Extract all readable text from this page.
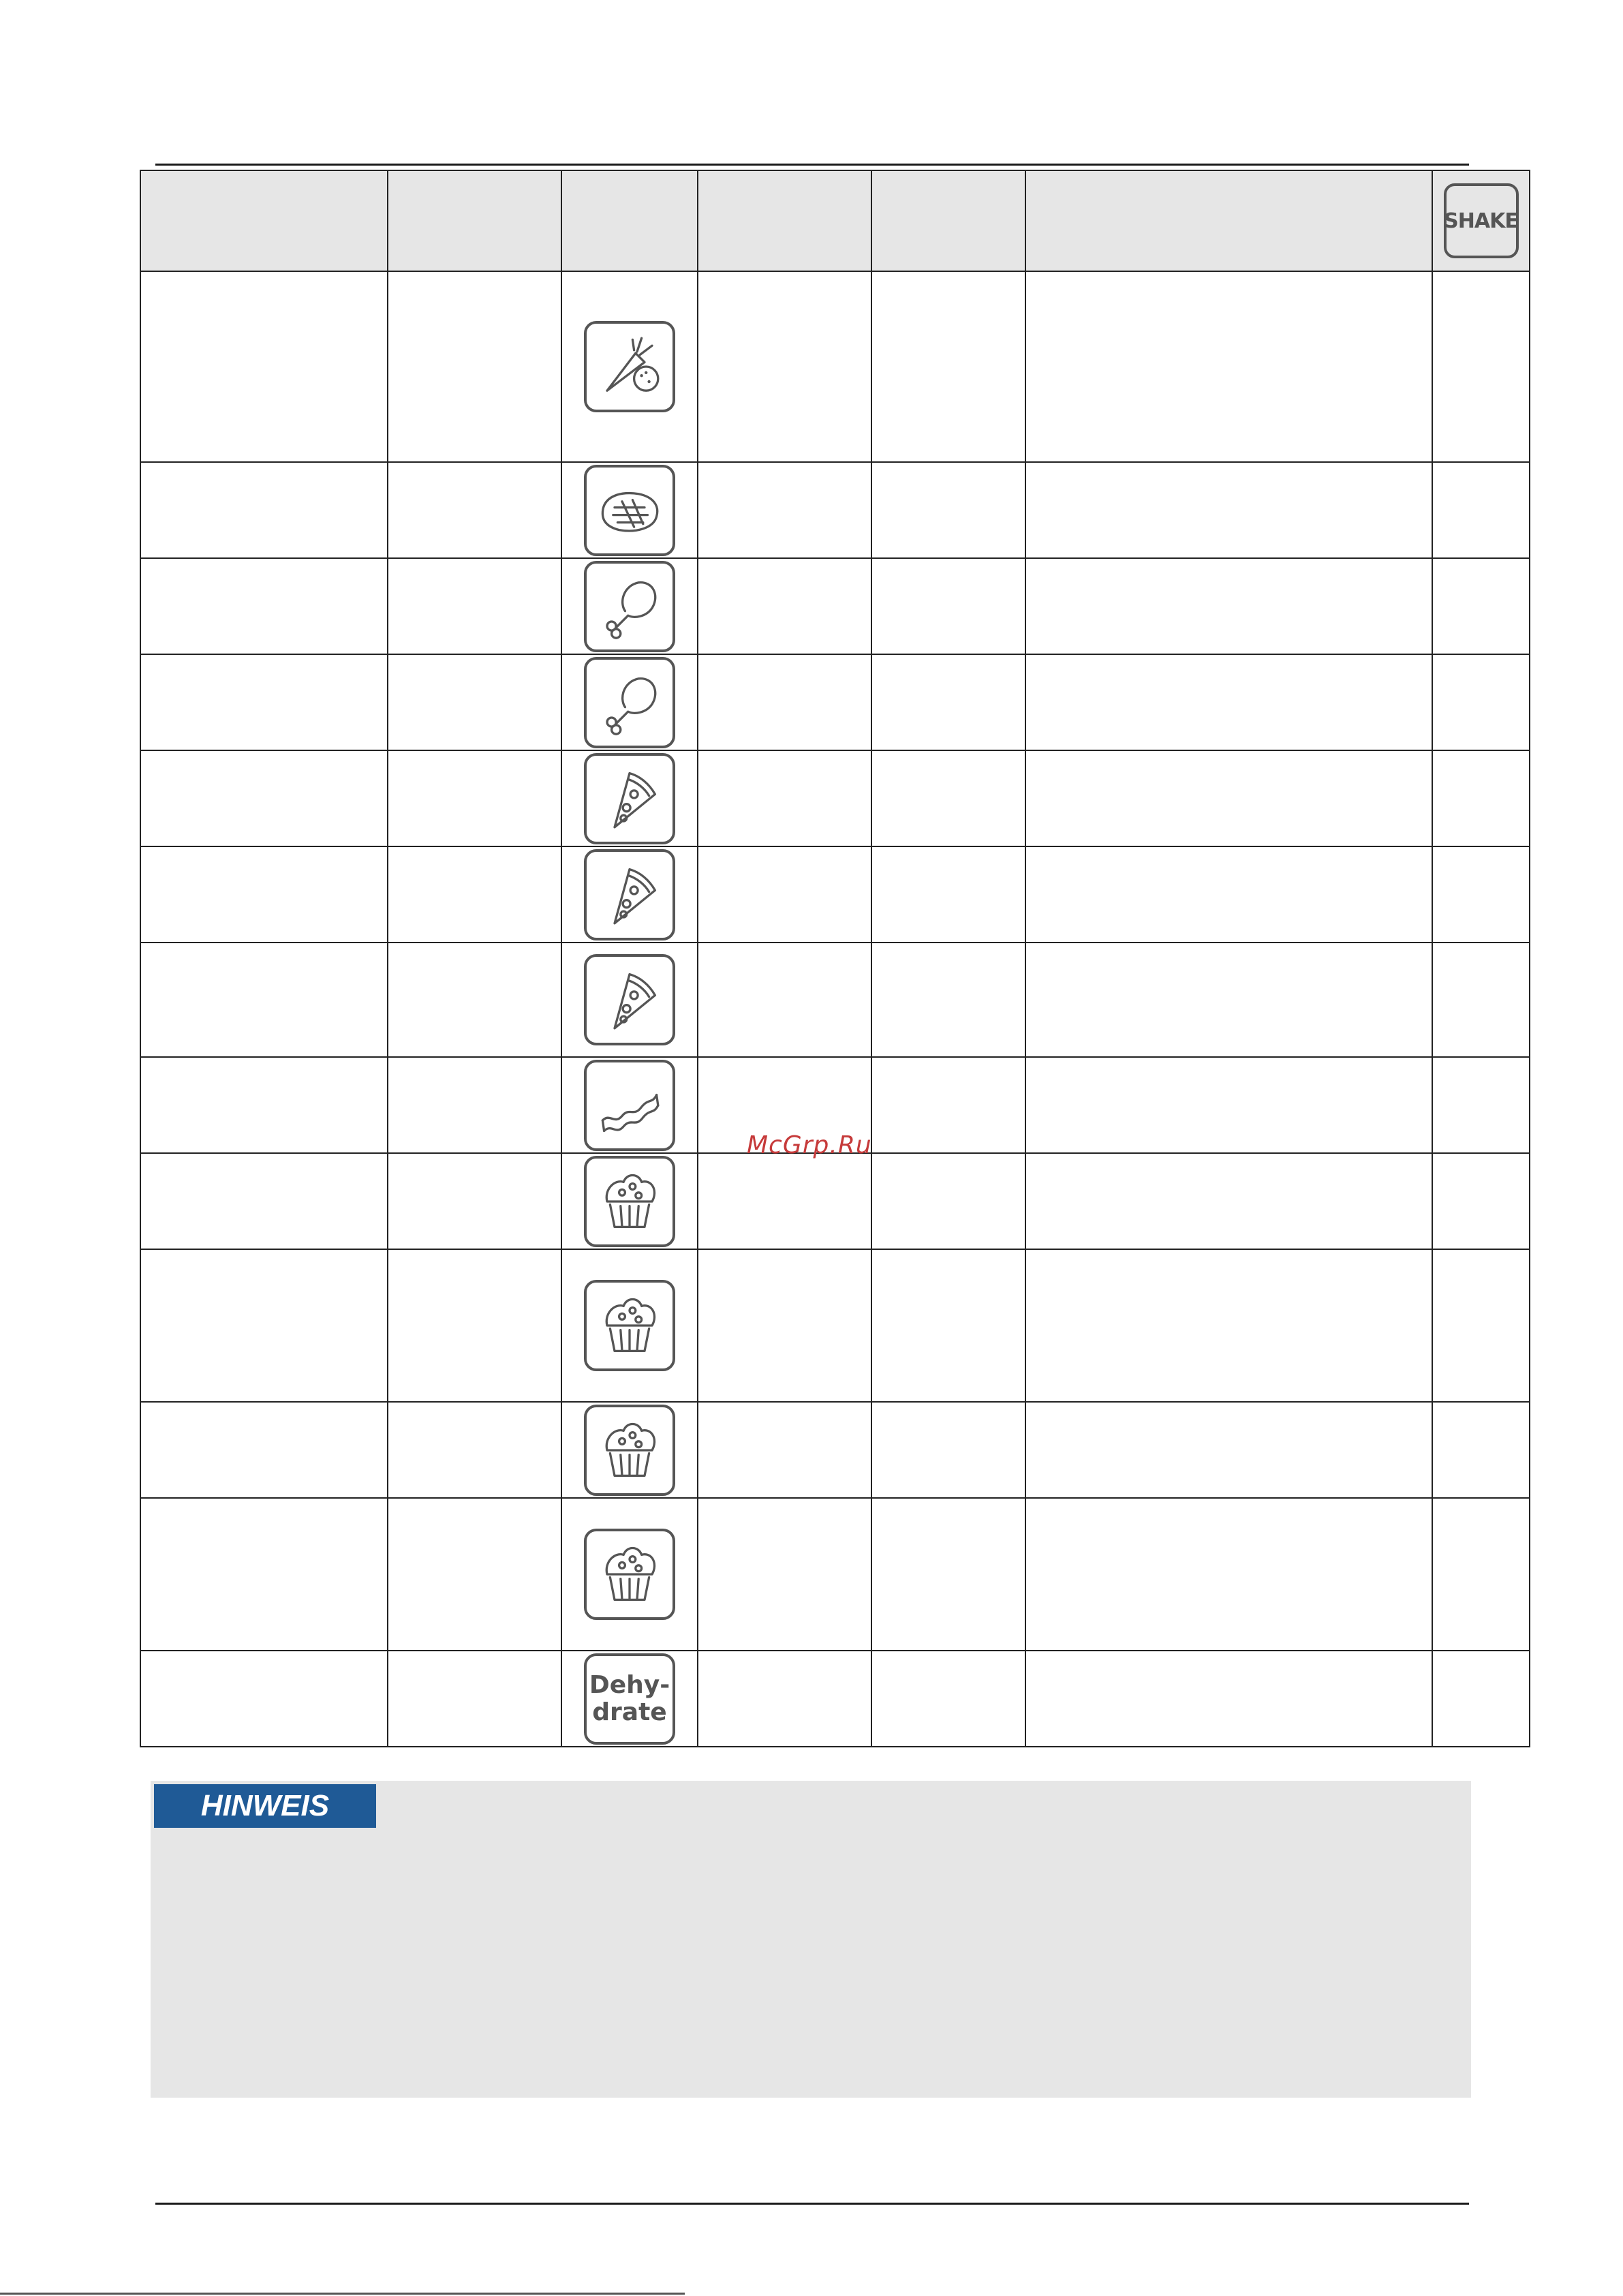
						SHAKE

		Dehy-
drate				

McGrp.Ru
HINWEIS
